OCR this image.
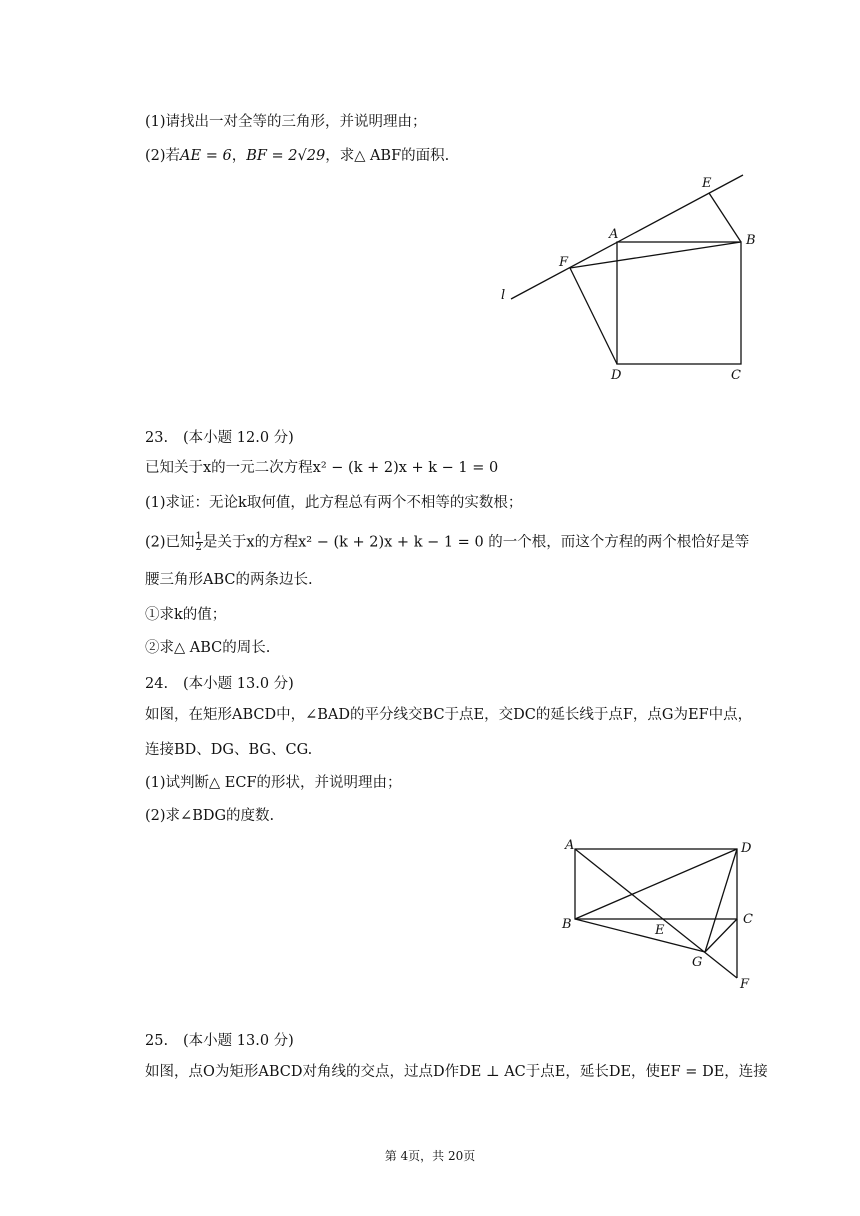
(1)请找出一对全等的三角形，并说明理由；
(2)若AE = 6，BF = 2√29，求△ ABF的面积.
E
A	B
F
l
D	C
23. (本小题 12.0 分)
已知关于x的一元二次方程x² − (k + 2)x + k − 1 = 0
(1)求证：无论k取何值，此方程总有两个不相等的实数根；
(2)已知 $\frac{1}{2}$ 是关于x的方程x² − (k + 2)x + k − 1 = 0 的一个根，而这个方程的两个根恰好是等
腰三角形ABC的两条边长.
①求k的值；
②求△ ABC的周长.
24. (本小题 13.0 分)
如图，在矩形ABCD中，∠BAD的平分线交BC于点E，交DC的延长线于点F，点G为EF中点，
连接BD、DG、BG、CG.
(1)试判断△ ECF的形状，并说明理由；
(2)求∠BDG的度数.
A	D
B	E
C
G
F
25. (本小题 13.0 分)
如图，点O为矩形ABCD对角线的交点，过点D作DE ⊥ AC于点E，延长DE，使EF = DE，连接
第 4页，共 20页
